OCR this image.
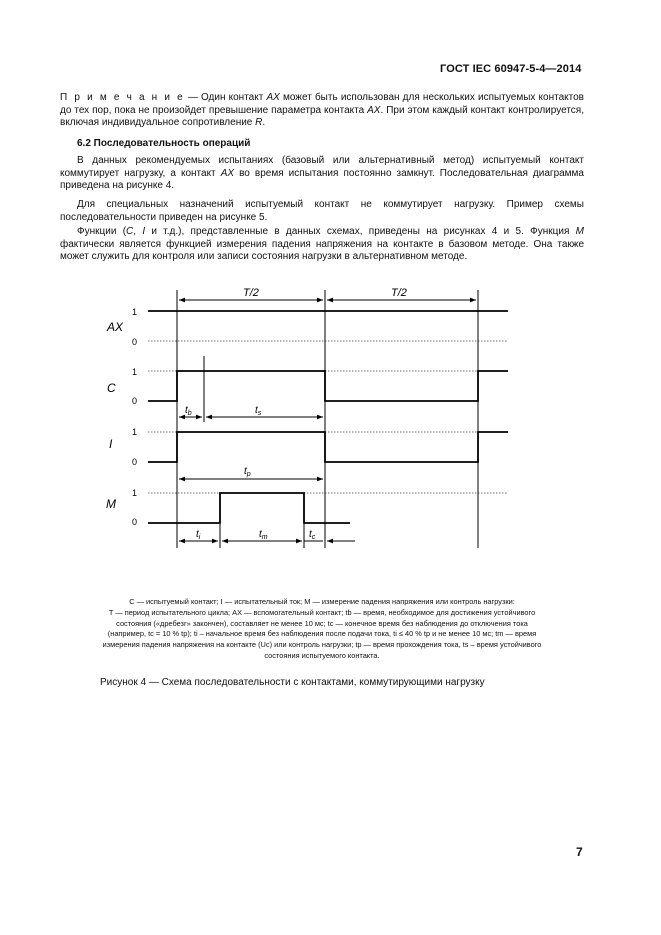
ГОСТ IEC 60947-5-4—2014
П р и м е ч а н и е — Один контакт AX может быть использован для нескольких испытуемых контактов до тех пор, пока не произойдет превышение параметра контакта AX. При этом каждый контакт контролируется, включая индивидуальное сопротивление R.
6.2 Последовательность операций
В данных рекомендуемых испытаниях (базовый или альтернативный метод) испытуемый контакт коммутирует нагрузку, а контакт AX во время испытания постоянно замкнут. Последовательная диаграмма приведена на рисунке 4.
Для специальных назначений испытуемый контакт не коммутирует нагрузку. Пример схемы последовательности приведен на рисунке 5.
Функции (C, I и т.д.), представленные в данных схемах, приведены на рисунках 4 и 5. Функция M фактически является функцией измерения падения напряжения на контакте в базовом методе. Она также может служить для контроля или записи состояния нагрузки в альтернативном методе.
T/2	T/2
AX
C
I
M
1
0
1
0
1
0
1
0
$t_b$	$t_s$
$t_p$
$t_i$	$t_m$	$t_c$
C — испытуемый контакт; I — испытательный ток; M — измерение падения напряжения или контроль нагрузки:
T — период испытательного цикла; AX — вспомогательный контакт; tb — время, необходимое для достижения устойчивого
состояния («дребезг» закончен), составляет не менее 10 мс; tc — конечное время без наблюдения до отключения тока
(например, tc = 10 % tp); ti – начальное время без наблюдения после подачи тока, ti ≤ 40 % tp и не менее 10 мс; tm — время
измерения падения напряжения на контакте (Uc) или контроль нагрузки; tp — время прохождения тока, ts – время устойчивого
состояния испытуемого контакта.
Рисунок 4 — Схема последовательности с контактами, коммутирующими нагрузку
7
